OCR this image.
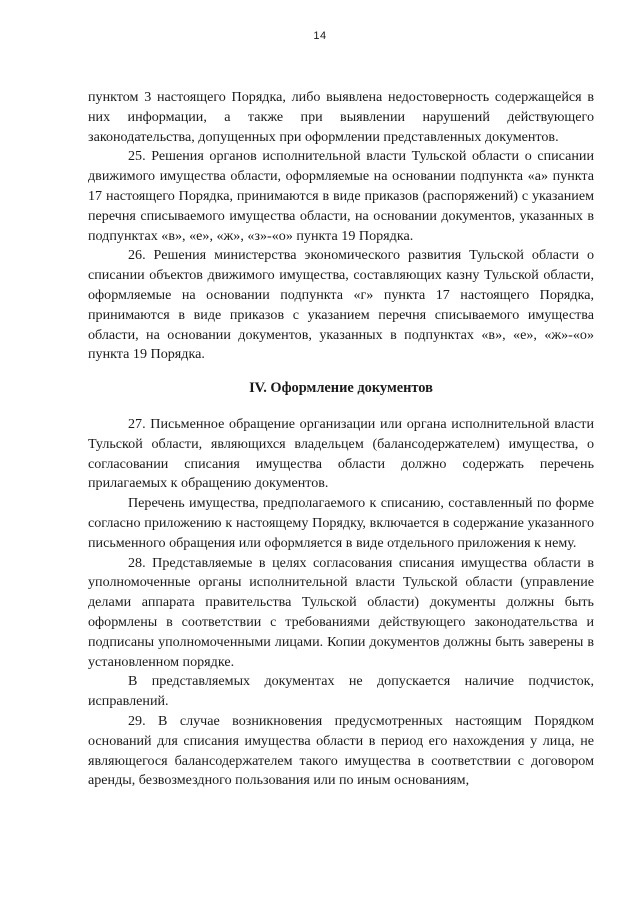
14

пунктом 3 настоящего Порядка, либо выявлена недостоверность содержащейся в них информации, а также при выявлении нарушений действующего законодательства, допущенных при оформлении представленных документов.

25. Решения органов исполнительной власти Тульской области о списании движимого имущества области, оформляемые на основании подпункта «а» пункта 17 настоящего Порядка, принимаются в виде приказов (распоряжений) с указанием перечня списываемого имущества области, на основании документов, указанных в подпунктах «в», «е», «ж», «з»-«о» пункта 19 Порядка.

26. Решения министерства экономического развития Тульской области о списании объектов движимого имущества, составляющих казну Тульской области, оформляемые на основании подпункта «г» пункта 17 настоящего Порядка, принимаются в виде приказов с указанием перечня списываемого имущества области, на основании документов, указанных в подпунктах «в», «е», «ж»-«о» пункта 19 Порядка.

IV. Оформление документов

27. Письменное обращение организации или органа исполнительной власти Тульской области, являющихся владельцем (балансодержателем) имущества, о согласовании списания имущества области должно содержать перечень прилагаемых к обращению документов.

Перечень имущества, предполагаемого к списанию, составленный по форме согласно приложению к настоящему Порядку, включается в содержание указанного письменного обращения или оформляется в виде отдельного приложения к нему.

28. Представляемые в целях согласования списания имущества области в уполномоченные органы исполнительной власти Тульской области (управление делами аппарата правительства Тульской области) документы должны быть оформлены в соответствии с требованиями действующего законодательства и подписаны уполномоченными лицами. Копии документов должны быть заверены в установленном порядке.

В представляемых документах не допускается наличие подчисток, исправлений.

29. В случае возникновения предусмотренных настоящим Порядком оснований для списания имущества области в период его нахождения у лица, не являющегося балансодержателем такого имущества в соответствии с договором аренды, безвозмездного пользования или по иным основаниям,
